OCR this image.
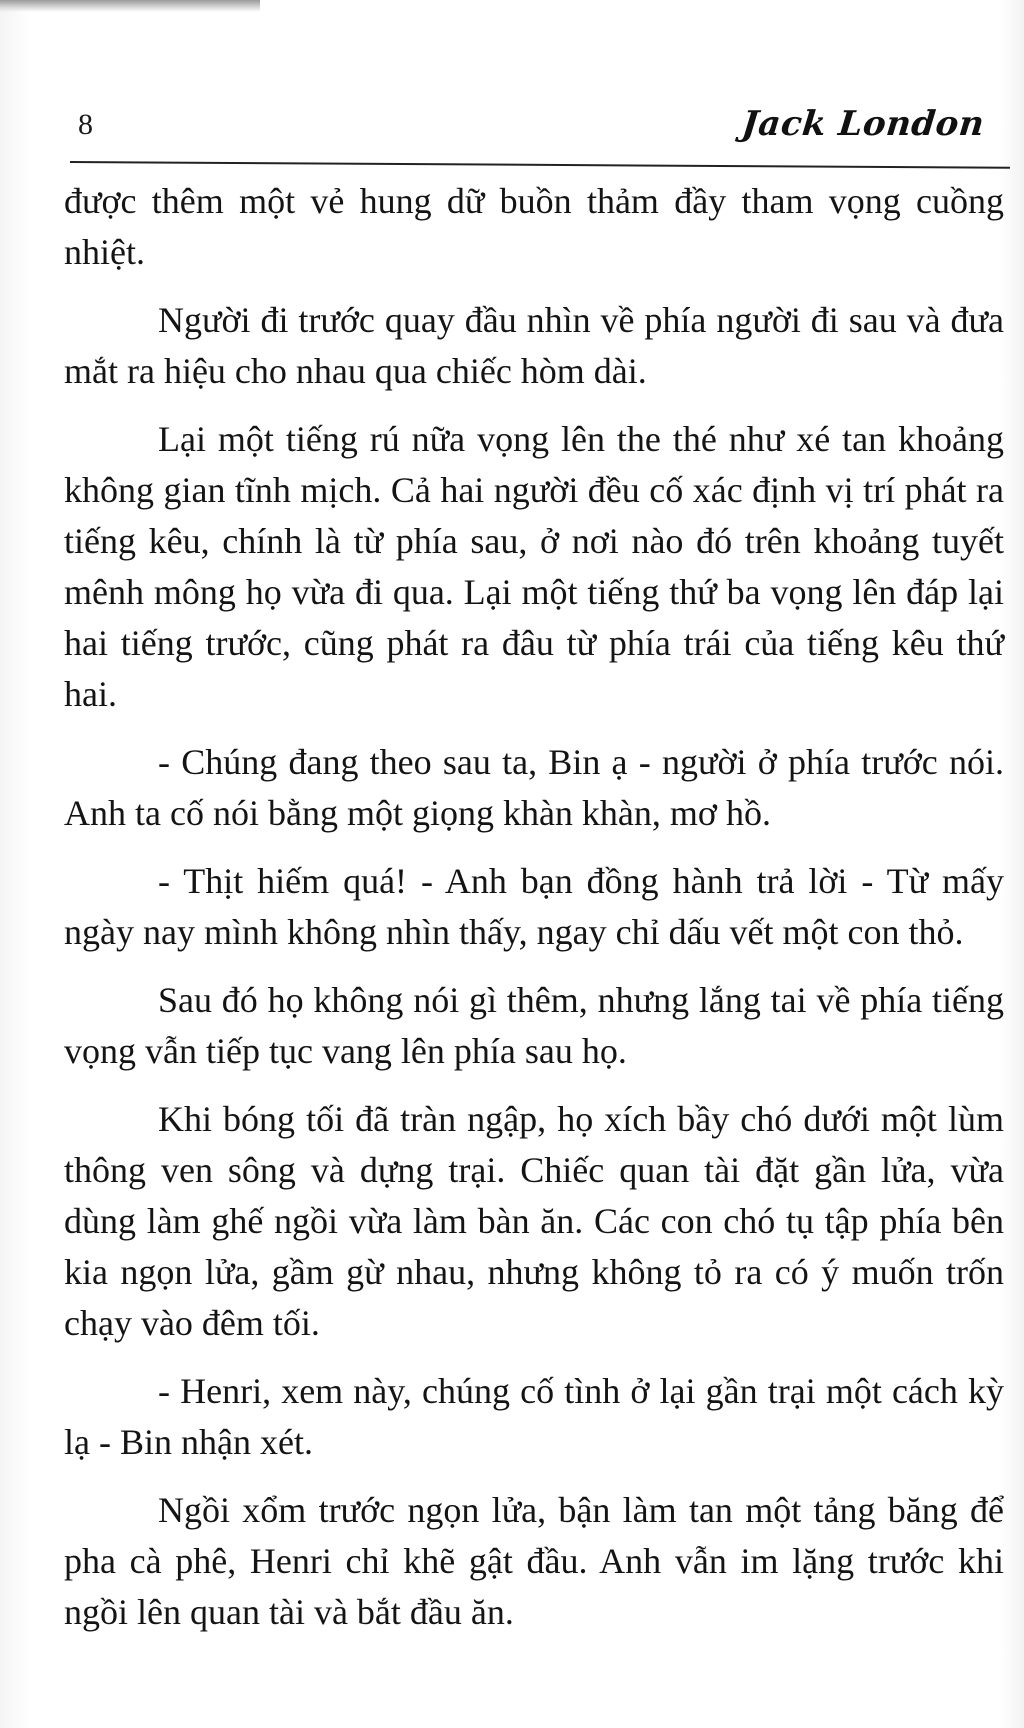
8	Jack London

được thêm một vẻ hung dữ buồn thảm đầy tham vọng cuồng nhiệt.

Người đi trước quay đầu nhìn về phía người đi sau và đưa mắt ra hiệu cho nhau qua chiếc hòm dài.

Lại một tiếng rú nữa vọng lên the thé như xé tan khoảng không gian tĩnh mịch. Cả hai người đều cố xác định vị trí phát ra tiếng kêu, chính là từ phía sau, ở nơi nào đó trên khoảng tuyết mênh mông họ vừa đi qua. Lại một tiếng thứ ba vọng lên đáp lại hai tiếng trước, cũng phát ra đâu từ phía trái của tiếng kêu thứ hai.

- Chúng đang theo sau ta, Bin ạ - người ở phía trước nói. Anh ta cố nói bằng một giọng khàn khàn, mơ hồ.

- Thịt hiếm quá! - Anh bạn đồng hành trả lời - Từ mấy ngày nay mình không nhìn thấy, ngay chỉ dấu vết một con thỏ.

Sau đó họ không nói gì thêm, nhưng lắng tai về phía tiếng vọng vẫn tiếp tục vang lên phía sau họ.

Khi bóng tối đã tràn ngập, họ xích bầy chó dưới một lùm thông ven sông và dựng trại. Chiếc quan tài đặt gần lửa, vừa dùng làm ghế ngồi vừa làm bàn ăn. Các con chó tụ tập phía bên kia ngọn lửa, gầm gừ nhau, nhưng không tỏ ra có ý muốn trốn chạy vào đêm tối.

- Henri, xem này, chúng cố tình ở lại gần trại một cách kỳ lạ - Bin nhận xét.

Ngồi xổm trước ngọn lửa, bận làm tan một tảng băng để pha cà phê, Henri chỉ khẽ gật đầu. Anh vẫn im lặng trước khi ngồi lên quan tài và bắt đầu ăn.
